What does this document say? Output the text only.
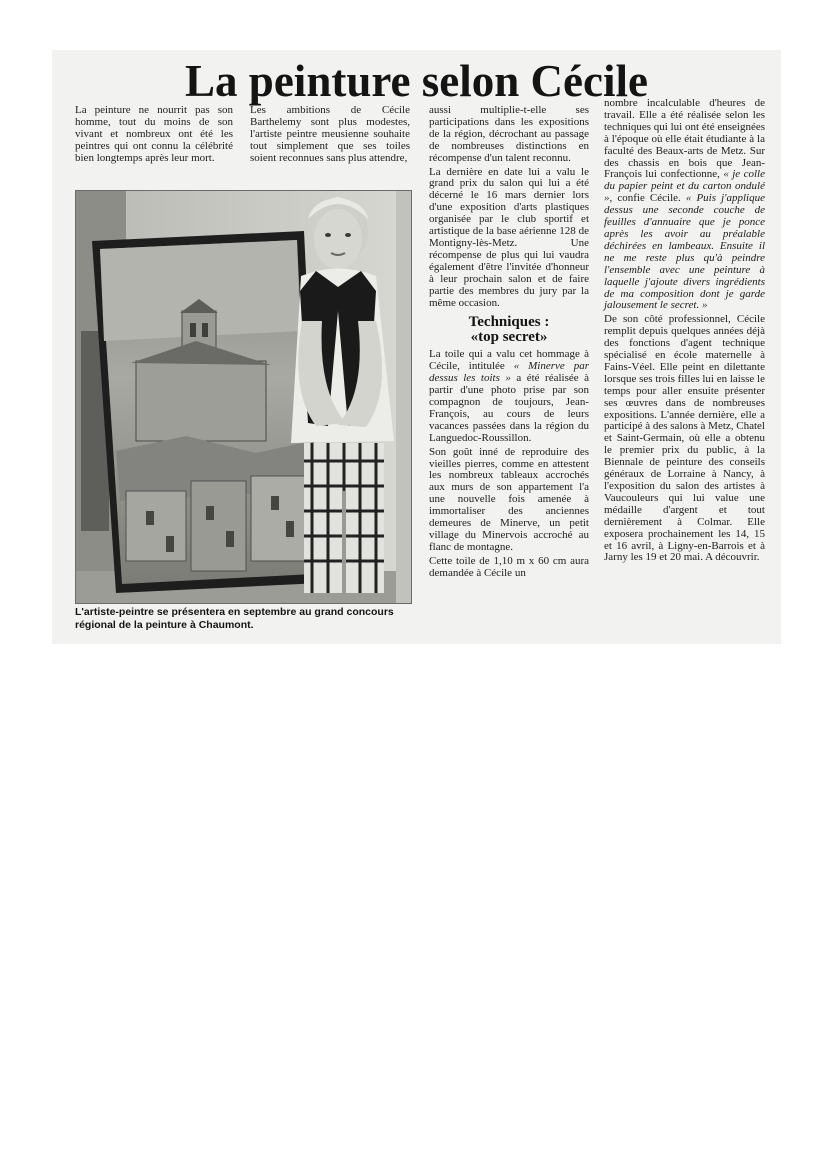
La peinture selon Cécile

La peinture ne nourrit pas son homme, tout du moins de son vivant et nombreux ont été les peintres qui ont connu la célébrité bien longtemps après leur mort.

Les ambitions de Cécile Barthelemy sont plus modestes, l'artiste peintre meusienne souhaite tout simplement que ses toiles soient reconnues sans plus attendre,

L'artiste-peintre se présentera en septembre au grand concours régional de la peinture à Chaumont.

aussi multiplie-t-elle ses participations dans les expositions de la région, décrochant au passage de nombreuses distinctions en récompense d'un talent reconnu.

La dernière en date lui a valu le grand prix du salon qui lui a été décerné le 16 mars dernier lors d'une exposition d'arts plastiques organisée par le club sportif et artistique de la base aérienne 128 de Montigny-lès-Metz. Une récompense de plus qui lui vaudra également d'être l'invitée d'honneur à leur prochain salon et de faire partie des membres du jury par la même occasion.

Techniques :
«top secret»

La toile qui a valu cet hommage à Cécile, intitulée « Minerve par dessus les toits » a été réalisée à partir d'une photo prise par son compagnon de toujours, Jean-François, au cours de leurs vacances passées dans la région du Languedoc-Roussillon.

Son goût inné de reproduire des vieilles pierres, comme en attestent les nombreux tableaux accrochés aux murs de son appartement l'a une nouvelle fois amenée à immortaliser des anciennes demeures de Minerve, un petit village du Minervois accroché au flanc de montagne.

Cette toile de 1,10 m x 60 cm aura demandée à Cécile un

nombre incalculable d'heures de travail. Elle a été réalisée selon les techniques qui lui ont été enseignées à l'époque où elle était étudiante à la faculté des Beaux-arts de Metz. Sur des chassis en bois que Jean-François lui confectionne, « je colle du papier peint et du carton ondulé », confie Cécile. « Puis j'applique dessus une seconde couche de feuilles d'annuaire que je ponce après les avoir au préalable déchirées en lambeaux. Ensuite il ne me reste plus qu'à peindre l'ensemble avec une peinture à laquelle j'ajoute divers ingrédients de ma composition dont je garde jalousement le secret. »

De son côté professionnel, Cécile remplit depuis quelques années déjà des fonctions d'agent technique spécialisé en école maternelle à Fains-Véel. Elle peint en dilettante lorsque ses trois filles lui en laisse le temps pour aller ensuite présenter ses œuvres dans de nombreuses expositions. L'année dernière, elle a participé à des salons à Metz, Chatel et Saint-Germain, où elle a obtenu le premier prix du public, à la Biennale de peinture des conseils généraux de Lorraine à Nancy, à l'exposition du salon des artistes à Vaucouleurs qui lui value une médaille d'argent et tout dernièrement à Colmar. Elle exposera prochainement les 14, 15 et 16 avril, à Ligny-en-Barrois et à Jarny les 19 et 20 mai. A découvrir.
